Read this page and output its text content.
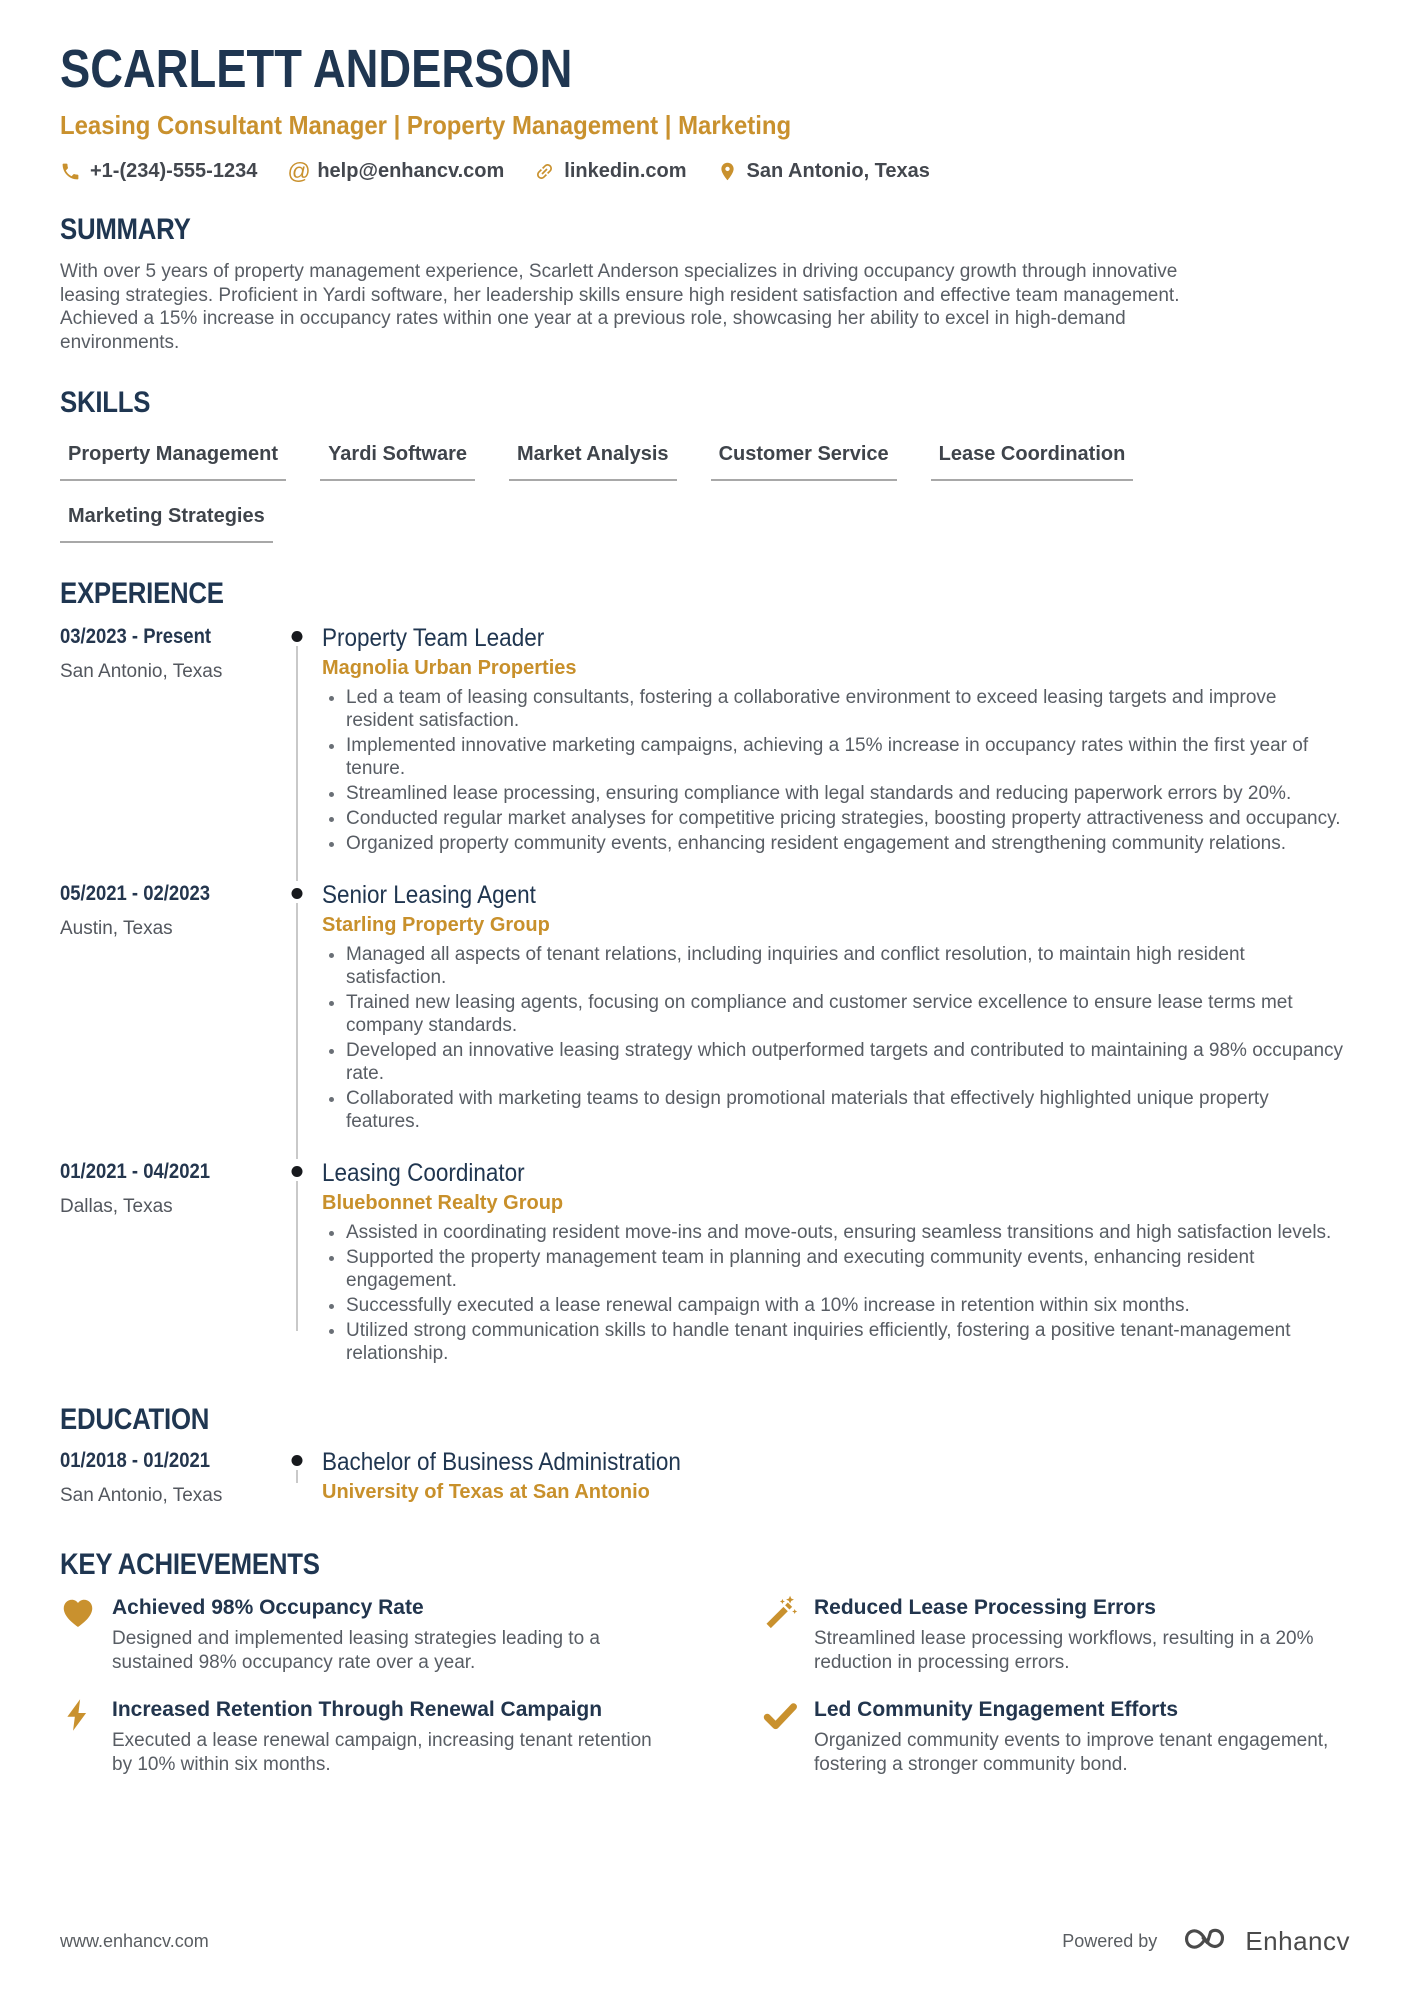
SCARLETT ANDERSON
Leasing Consultant Manager | Property Management | Marketing
+1-(234)-555-1234 @ help@enhancv.com	linkedin.com	San Antonio, Texas
SUMMARY

With over 5 years of property management experience, Scarlett Anderson specializes in driving occupancy growth through innovative leasing strategies. Proficient in Yardi software, her leadership skills ensure high resident satisfaction and effective team management. Achieved a 15% increase in occupancy rates within one year at a previous role, showcasing her ability to excel in high-demand environments.

SKILLS
Property Management	Yardi Software	Market Analysis	Customer Service	Lease Coordination
Marketing Strategies
EXPERIENCE
03/2023 - Present
San Antonio, Texas
Property Team Leader
Magnolia Urban Properties
• Led a team of leasing consultants, fostering a collaborative environment to exceed leasing targets and improve resident satisfaction.
• Implemented innovative marketing campaigns, achieving a 15% increase in occupancy rates within the first year of tenure.
• Streamlined lease processing, ensuring compliance with legal standards and reducing paperwork errors by 20%.
• Conducted regular market analyses for competitive pricing strategies, boosting property attractiveness and occupancy.
• Organized property community events, enhancing resident engagement and strengthening community relations.
05/2021 - 02/2023
Austin, Texas
Senior Leasing Agent
Starling Property Group
• Managed all aspects of tenant relations, including inquiries and conflict resolution, to maintain high resident satisfaction.
• Trained new leasing agents, focusing on compliance and customer service excellence to ensure lease terms met company standards.
• Developed an innovative leasing strategy which outperformed targets and contributed to maintaining a 98% occupancy rate.
• Collaborated with marketing teams to design promotional materials that effectively highlighted unique property features.
01/2021 - 04/2021
Dallas, Texas
Leasing Coordinator
Bluebonnet Realty Group
• Assisted in coordinating resident move-ins and move-outs, ensuring seamless transitions and high satisfaction levels.
• Supported the property management team in planning and executing community events, enhancing resident engagement.
• Successfully executed a lease renewal campaign with a 10% increase in retention within six months.
• Utilized strong communication skills to handle tenant inquiries efficiently, fostering a positive tenant-management relationship.
EDUCATION
01/2018 - 01/2021
San Antonio, Texas
Bachelor of Business Administration
University of Texas at San Antonio
KEY ACHIEVEMENTS
Achieved 98% Occupancy Rate
Designed and implemented leasing strategies leading to a sustained 98% occupancy rate over a year.
Reduced Lease Processing Errors
Streamlined lease processing workflows, resulting in a 20% reduction in processing errors.
Increased Retention Through Renewal Campaign
Executed a lease renewal campaign, increasing tenant retention by 10% within six months.
Led Community Engagement Efforts
Organized community events to improve tenant engagement, fostering a stronger community bond.
www.enhancv.com	Powered by	Enhancv
